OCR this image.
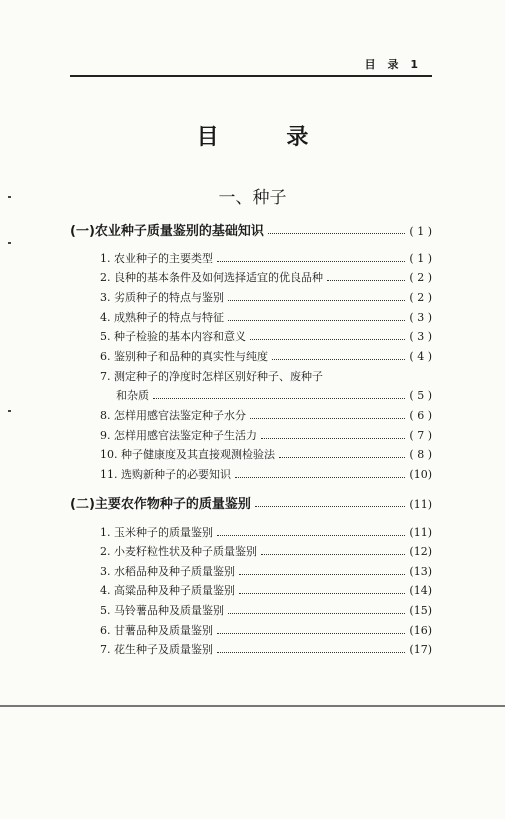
目 录 1
目 录
一、种子
(一)农业种子质量鉴别的基础知识	( 1 )
1. 农业种子的主要类型	( 1 )
2. 良种的基本条件及如何选择适宜的优良品种	( 2 )
3. 劣质种子的特点与鉴别	( 2 )
4. 成熟种子的特点与特征	( 3 )
5. 种子检验的基本内容和意义	( 3 )
6. 鉴别种子和品种的真实性与纯度	( 4 )
7. 测定种子的净度时怎样区别好种子、废种子
和杂质	( 5 )
8. 怎样用感官法鉴定种子水分	( 6 )
9. 怎样用感官法鉴定种子生活力	( 7 )
10. 种子健康度及其直接观测检验法	( 8 )
11. 选购新种子的必要知识	(10)
(二)主要农作物种子的质量鉴别	(11)
1. 玉米种子的质量鉴别	(11)
2. 小麦籽粒性状及种子质量鉴别	(12)
3. 水稻品种及种子质量鉴别	(13)
4. 高粱品种及种子质量鉴别	(14)
5. 马铃薯品种及质量鉴别	(15)
6. 甘薯品种及质量鉴别	(16)
7. 花生种子及质量鉴别	(17)
